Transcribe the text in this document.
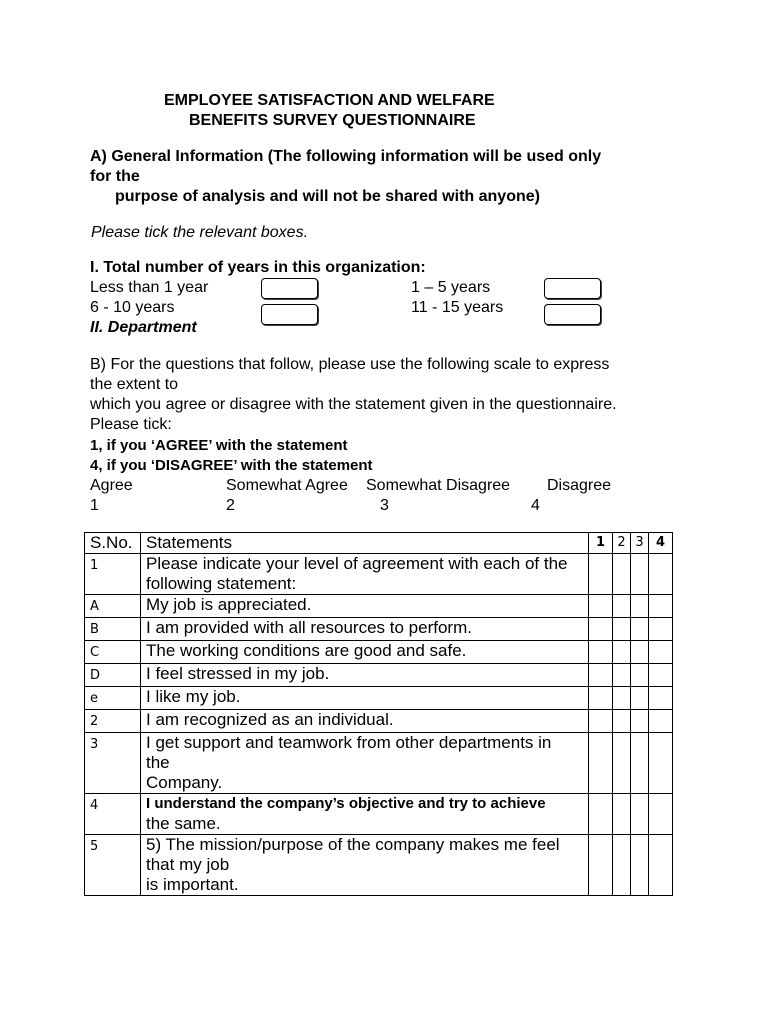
EMPLOYEE SATISFACTION AND WELFARE
BENEFITS SURVEY QUESTIONNAIRE
A) General Information (The following information will be used only
for the
purpose of analysis and will not be shared with anyone)
Please tick the relevant boxes.
I. Total number of years in this organization:
Less than 1 year	1 – 5 years
6 - 10 years	11 - 15 years
II. Department
B) For the questions that follow, please use the following scale to express
the extent to
which you agree or disagree with the statement given in the questionnaire.
Please tick:
1, if you ‘AGREE’ with the statement
4, if you ‘DISAGREE’ with the statement
Agree	Somewhat Agree Somewhat Disagree Disagree
1	2	3	4
S.No.	Statements	1	2	3	4
1	Please indicate your level of agreement with each of the
following statement:				

A	My job is appreciated.				

B	I am provided with all resources to perform.				

C	The working conditions are good and safe.				

D	I feel stressed in my job.				

e	I like my job.				

2	I am recognized as an individual.				

3	I get support and teamwork from other departments in
the
Company.				

4	I understand the company’s objective and try to achieve
the same.				

5	5) The mission/purpose of the company makes me feel
that my job
is important.				
